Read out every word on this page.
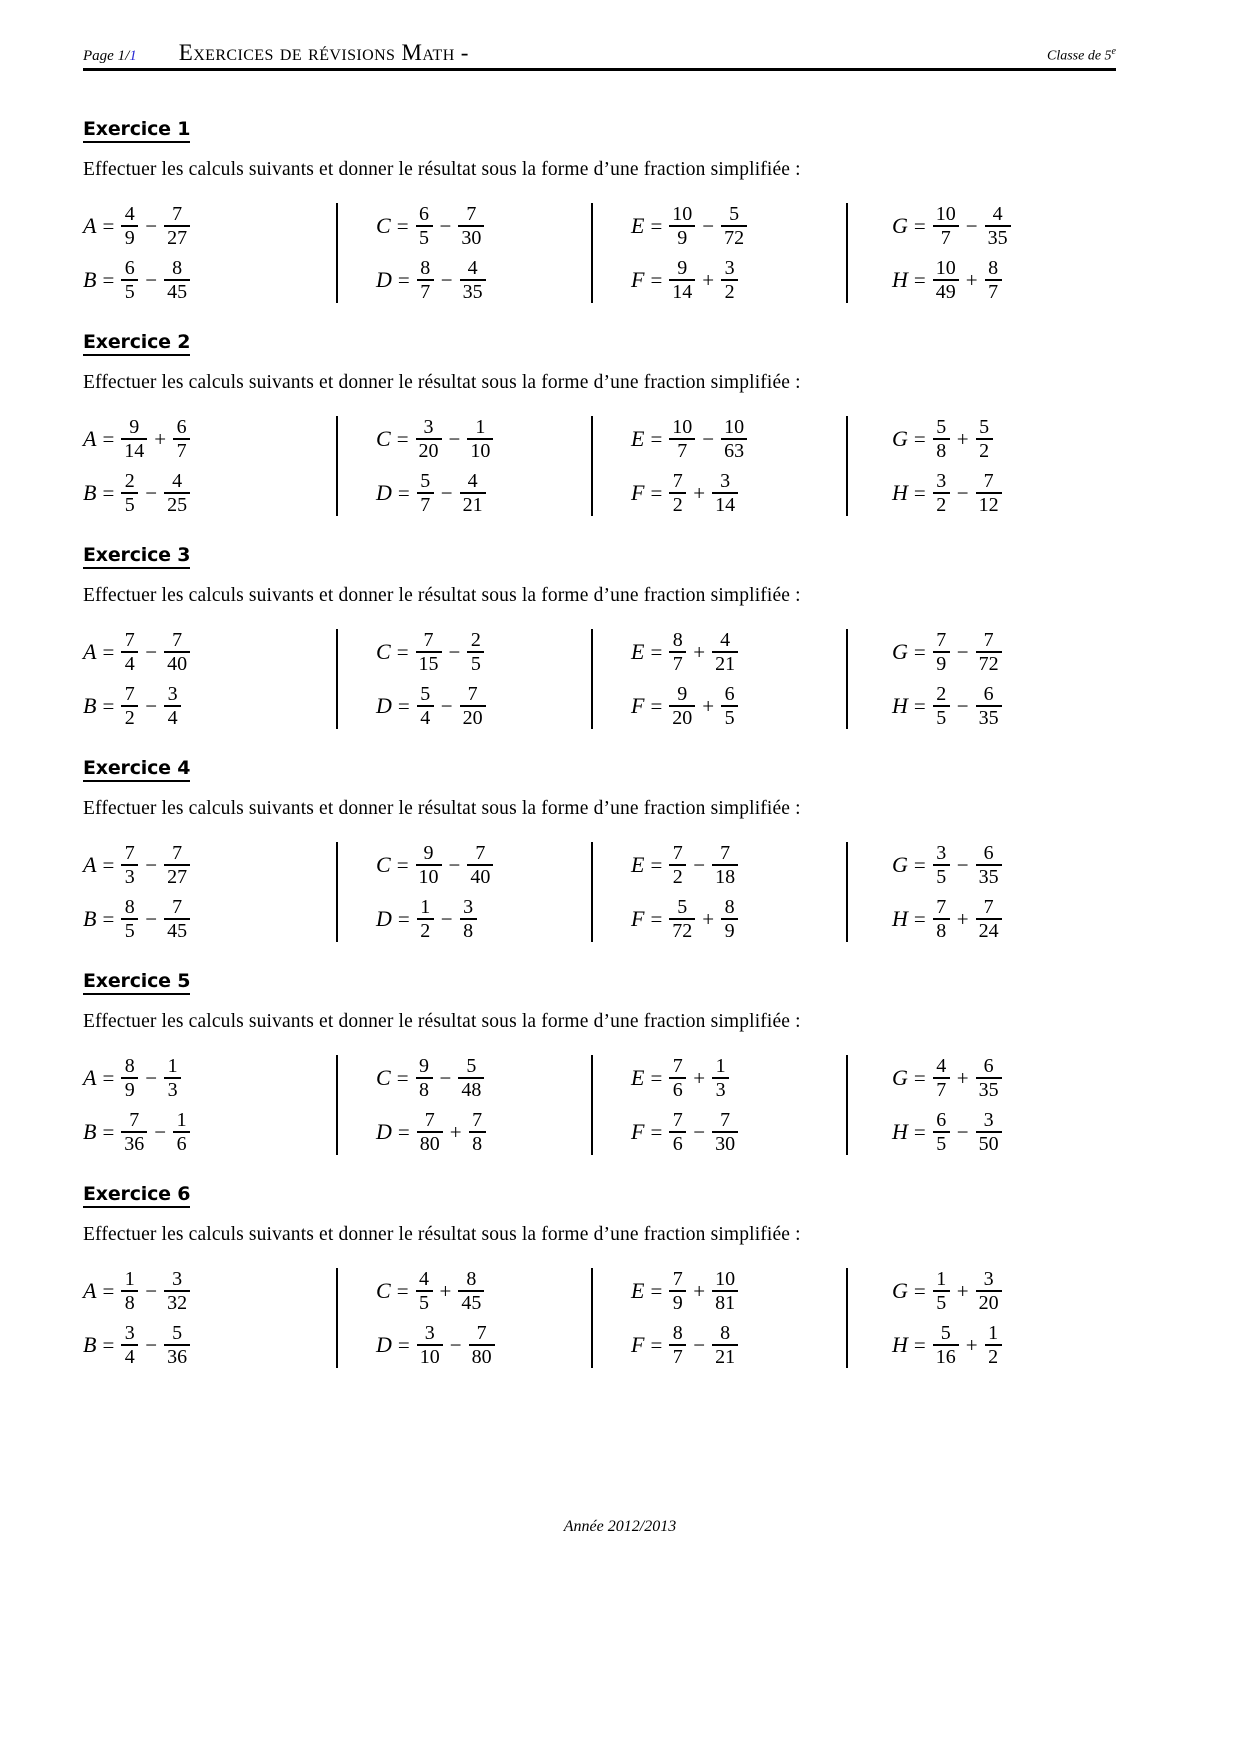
Page 1/1	Exercices de révisions Math -	Classe de 5e
Exercice 1
Effectuer les calculs suivants et donner le résultat sous la forme d’une fraction simplifiée :
$A = \frac{4}{9} - \frac{7}{27}$
$B = \frac{6}{5} - \frac{8}{45}$
$C = \frac{6}{5} - \frac{7}{30}$
$D = \frac{8}{7} - \frac{4}{35}$
$E = \frac{10}{9} - \frac{5}{72}$
$F = \frac{9}{14} + \frac{3}{2}$
$G = \frac{10}{7} - \frac{4}{35}$
$H = \frac{10}{49} + \frac{8}{7}$
Exercice 2
Effectuer les calculs suivants et donner le résultat sous la forme d’une fraction simplifiée :
$A = \frac{9}{14} + \frac{6}{7}$
$B = \frac{2}{5} - \frac{4}{25}$
$C = \frac{3}{20} - \frac{1}{10}$
$D = \frac{5}{7} - \frac{4}{21}$
$E = \frac{10}{7} - \frac{10}{63}$
$F = \frac{7}{2} + \frac{3}{14}$
$G = \frac{5}{8} + \frac{5}{2}$
$H = \frac{3}{2} - \frac{7}{12}$
Exercice 3
Effectuer les calculs suivants et donner le résultat sous la forme d’une fraction simplifiée :
$A = \frac{7}{4} - \frac{7}{40}$
$B = \frac{7}{2} - \frac{3}{4}$
$C = \frac{7}{15} - \frac{2}{5}$
$D = \frac{5}{4} - \frac{7}{20}$
$E = \frac{8}{7} + \frac{4}{21}$
$F = \frac{9}{20} + \frac{6}{5}$
$G = \frac{7}{9} - \frac{7}{72}$
$H = \frac{2}{5} - \frac{6}{35}$
Exercice 4
Effectuer les calculs suivants et donner le résultat sous la forme d’une fraction simplifiée :
$A = \frac{7}{3} - \frac{7}{27}$
$B = \frac{8}{5} - \frac{7}{45}$
$C = \frac{9}{10} - \frac{7}{40}$
$D = \frac{1}{2} - \frac{3}{8}$
$E = \frac{7}{2} - \frac{7}{18}$
$F = \frac{5}{72} + \frac{8}{9}$
$G = \frac{3}{5} - \frac{6}{35}$
$H = \frac{7}{8} + \frac{7}{24}$
Exercice 5
Effectuer les calculs suivants et donner le résultat sous la forme d’une fraction simplifiée :
$A = \frac{8}{9} - \frac{1}{3}$
$B = \frac{7}{36} - \frac{1}{6}$
$C = \frac{9}{8} - \frac{5}{48}$
$D = \frac{7}{80} + \frac{7}{8}$
$E = \frac{7}{6} + \frac{1}{3}$
$F = \frac{7}{6} - \frac{7}{30}$
$G = \frac{4}{7} + \frac{6}{35}$
$H = \frac{6}{5} - \frac{3}{50}$
Exercice 6
Effectuer les calculs suivants et donner le résultat sous la forme d’une fraction simplifiée :
$A = \frac{1}{8} - \frac{3}{32}$
$B = \frac{3}{4} - \frac{5}{36}$
$C = \frac{4}{5} + \frac{8}{45}$
$D = \frac{3}{10} - \frac{7}{80}$
$E = \frac{7}{9} + \frac{10}{81}$
$F = \frac{8}{7} - \frac{8}{21}$
$G = \frac{1}{5} + \frac{3}{20}$
$H = \frac{5}{16} + \frac{1}{2}$
Année 2012/2013
